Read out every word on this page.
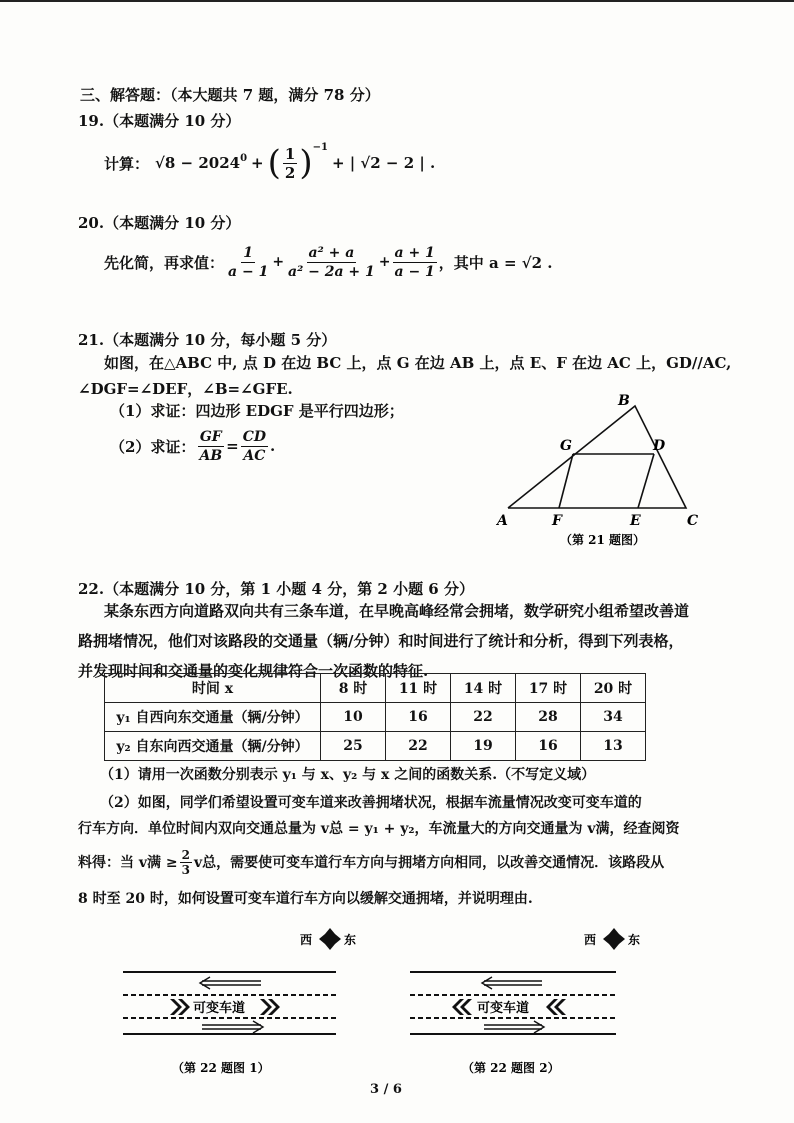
三、解答题：（本大题共 7 题，满分 78 分）
19.（本题满分 10 分）
计算： $√8 - 2024^0$ + ( $\frac{1}{2} )^{-1}$
+ | √2 − 2 | .
20.（本题满分 10 分）
先化简，再求值： $\frac{1}{a - 1} + \frac{\text{a² + a}}{\text{a² − 2a + 1}} + \frac{a + 1}{a - 1}$ ，其中 a = √2 .
21.（本题满分 10 分，每小题 5 分）
如图，在△ABC 中, 点 D 在边 BC 上，点 G 在边 AB 上，点 E、F 在边 AC 上，GD//AC,
∠DGF=∠DEF，∠B=∠GFE.
（1）求证：四边形 EDGF 是平行四边形；
（2）求证： $\frac{GF}{AB} = \frac{CD}{AC}$ .
A
B
C
D
E
F
G
（第 21 题图）
22.（本题满分 10 分，第 1 小题 4 分，第 2 小题 6 分）
某条东西方向道路双向共有三条车道，在早晚高峰经常会拥堵，数学研究小组希望改善道路拥堵情况，他们对该路段的交通量（辆/分钟）和时间进行了统计和分析，得到下列表格，并发现时间和交通量的变化规律符合一次函数的特征.
时间 x	8 时	11 时	14 时	17 时	20 时
y₁ 自西向东交通量（辆/分钟）	10	16	22	28	34
y₂ 自东向西交通量（辆/分钟）	25	22	19	16	13
（1）请用一次函数分别表示 y₁ 与 x、y₂ 与 x 之间的函数关系.（不写定义域）
（2）如图，同学们希望设置可变车道来改善拥堵状况，根据车流量情况改变可变车道的
行车方向．单位时间内双向交通总量为 v总 = y₁ + y₂，车流量大的方向交通量为 v满，经查阅资
料得：当 v满 ≥ $\frac{2}{3}$ v总，需要使可变车道行车方向与拥堵方向相同，以改善交通情况．该路段从
8 时至 20 时，如何设置可变车道行车方向以缓解交通拥堵，并说明理由.
西	东
可变车道
（第 22 题图 1）
西	东
可变车道
（第 22 题图 2）
3 / 6
